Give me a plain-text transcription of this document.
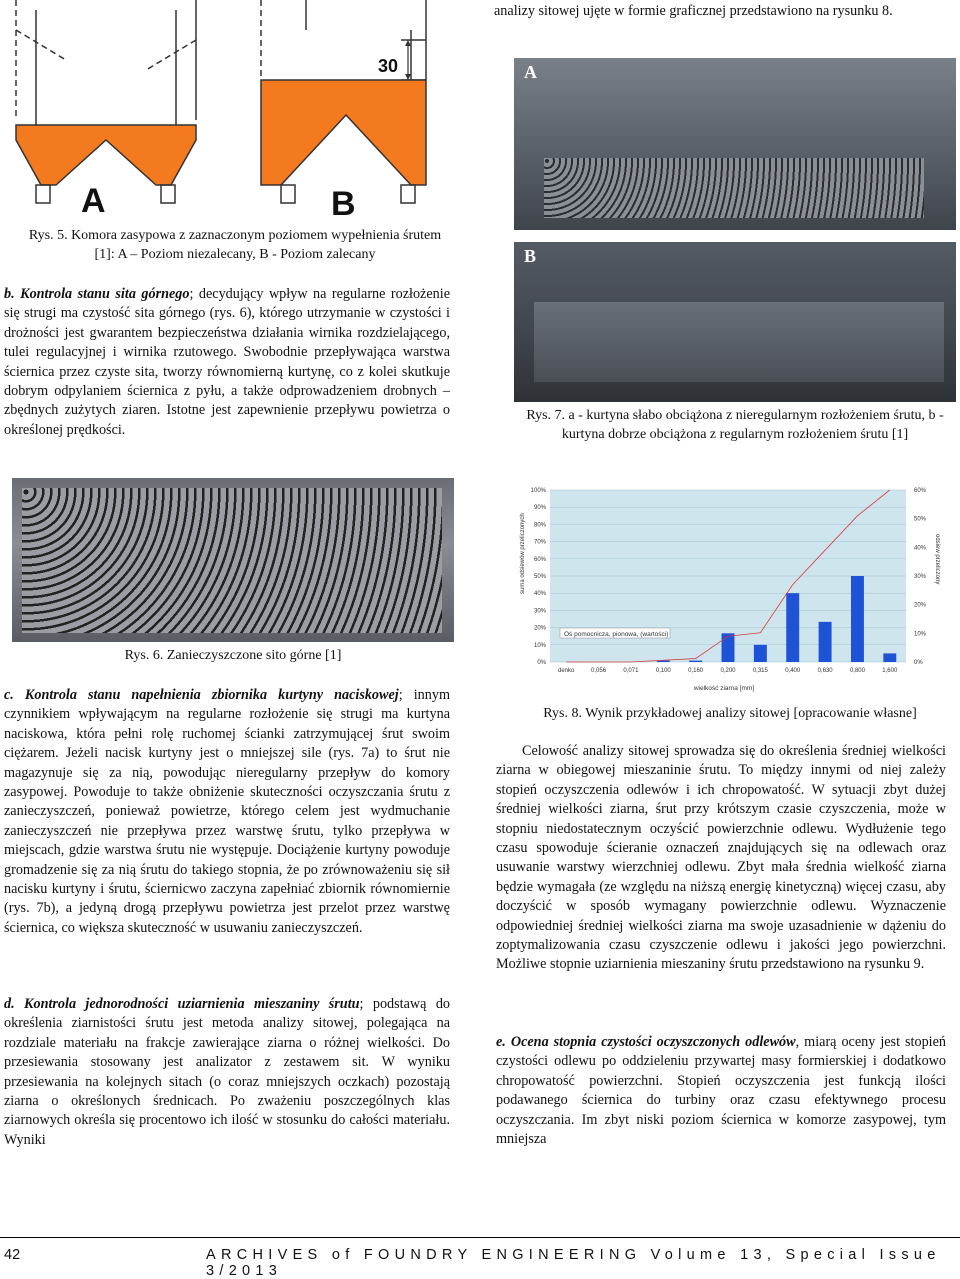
analizy sitowej ujęte w formie graficznej przedstawiono na rysunku 8.
30
A	B
Rys. 5. Komora zasypowa z zaznaczonym poziomem wypełnienia śrutem [1]: A – Poziom niezalecany, B - Poziom zalecany

b. Kontrola stanu sita górnego; decydujący wpływ na regularne rozłożenie się strugi ma czystość sita górnego (rys. 6), którego utrzymanie w czystości i drożności jest gwarantem bezpieczeństwa działania wirnika rozdzielającego, tulei regulacyjnej i wirnika rzutowego. Swobodnie przepływająca warstwa ściernica przez czyste sita, tworzy równomierną kurtynę, co z kolei skutkuje dobrym odpylaniem ściernica z pyłu, a także odprowadzeniem drobnych – zbędnych zużytych ziaren. Istotne jest zapewnienie przepływu powietrza o określonej prędkości.

A
B
Rys. 7. a - kurtyna słabo obciążona z nieregularnym rozłożeniem śrutu, b - kurtyna dobrze obciążona z regularnym rozłożeniem śrutu [1]
Rys. 6. Zanieczyszczone sito górne [1]
suma odsiewów przeliczonych	odsiew przeliczony
wielkość ziarna [mm]
Oś pomocnicza, pionowa, (wartości)
0%
10%
20%
30%
40%
50%
60%
70%
80%
90%
100%
0%
10%
20%
30%
40%
50%
60%
denko	0,056	0,071	0,100	0,160	0,200	0,315	0,400	0,630	0,800	1,600
Rys. 8. Wynik przykładowej analizy sitowej [opracowanie własne]

c. Kontrola stanu napełnienia zbiornika kurtyny naciskowej; innym czynnikiem wpływającym na regularne rozłożenie się strugi ma kurtyna naciskowa, która pełni rolę ruchomej ścianki zatrzymującej śrut swoim ciężarem. Jeżeli nacisk kurtyny jest o mniejszej sile (rys. 7a) to śrut nie magazynuje się za nią, powodując nieregularny przepływ do komory zasypowej. Powoduje to także obniżenie skuteczności oczyszczania śrutu z zanieczyszczeń, ponieważ powietrze, którego celem jest wydmuchanie zanieczyszczeń nie przepływa przez warstwę śrutu, tylko przepływa w miejscach, gdzie warstwa śrutu nie występuje. Dociążenie kurtyny powoduje gromadzenie się za nią śrutu do takiego stopnia, że po zrównoważeniu się sił nacisku kurtyny i śrutu, ściernicwo zaczyna zapełniać zbiornik równomiernie (rys. 7b), a jedyną drogą przepływu powietrza jest przelot przez warstwę ściernica, co większa skuteczność w usuwaniu zanieczyszczeń.

d. Kontrola jednorodności uziarnienia mieszaniny śrutu; podstawą do określenia ziarnistości śrutu jest metoda analizy sitowej, polegająca na rozdziale materiału na frakcje zawierające ziarna o różnej wielkości. Do przesiewania stosowany jest analizator z zestawem sit. W wyniku przesiewania na kolejnych sitach (o coraz mniejszych oczkach) pozostają ziarna o określonych średnicach. Po zważeniu poszczególnych klas ziarnowych określa się procentowo ich ilość w stosunku do całości materiału. Wyniki

Celowość analizy sitowej sprowadza się do określenia średniej wielkości ziarna w obiegowej mieszaninie śrutu. To między innymi od niej zależy stopień oczyszczenia odlewów i ich chropowatość. W sytuacji zbyt dużej średniej wielkości ziarna, śrut przy krótszym czasie czyszczenia, może w stopniu niedostatecznym oczyścić powierzchnie odlewu. Wydłużenie tego czasu spowoduje ścieranie oznaczeń znajdujących się na odlewach oraz usuwanie warstwy wierzchniej odlewu. Zbyt mała średnia wielkość ziarna będzie wymagała (ze względu na niższą energię kinetyczną) więcej czasu, aby doczyścić w sposób wymagany powierzchnie odlewu. Wyznaczenie odpowiedniej średniej wielkości ziarna ma swoje uzasadnienie w dążeniu do zoptymalizowania czasu czyszczenie odlewu i jakości jego powierzchni. Możliwe stopnie uziarnienia mieszaniny śrutu przedstawiono na rysunku 9.

e. Ocena stopnia czystości oczyszczonych odlewów, miarą oceny jest stopień czystości odlewu po oddzieleniu przywartej masy formierskiej i dodatkowo chropowatość powierzchni. Stopień oczyszczenia jest funkcją ilości podawanego ściernica do turbiny oraz czasu efektywnego procesu oczyszczania. Im zbyt niski poziom ściernica w komorze zasypowej, tym mniejsza

42	ARCHIVES of FOUNDRY ENGINEERING Volume 13, Special Issue 3/2013
